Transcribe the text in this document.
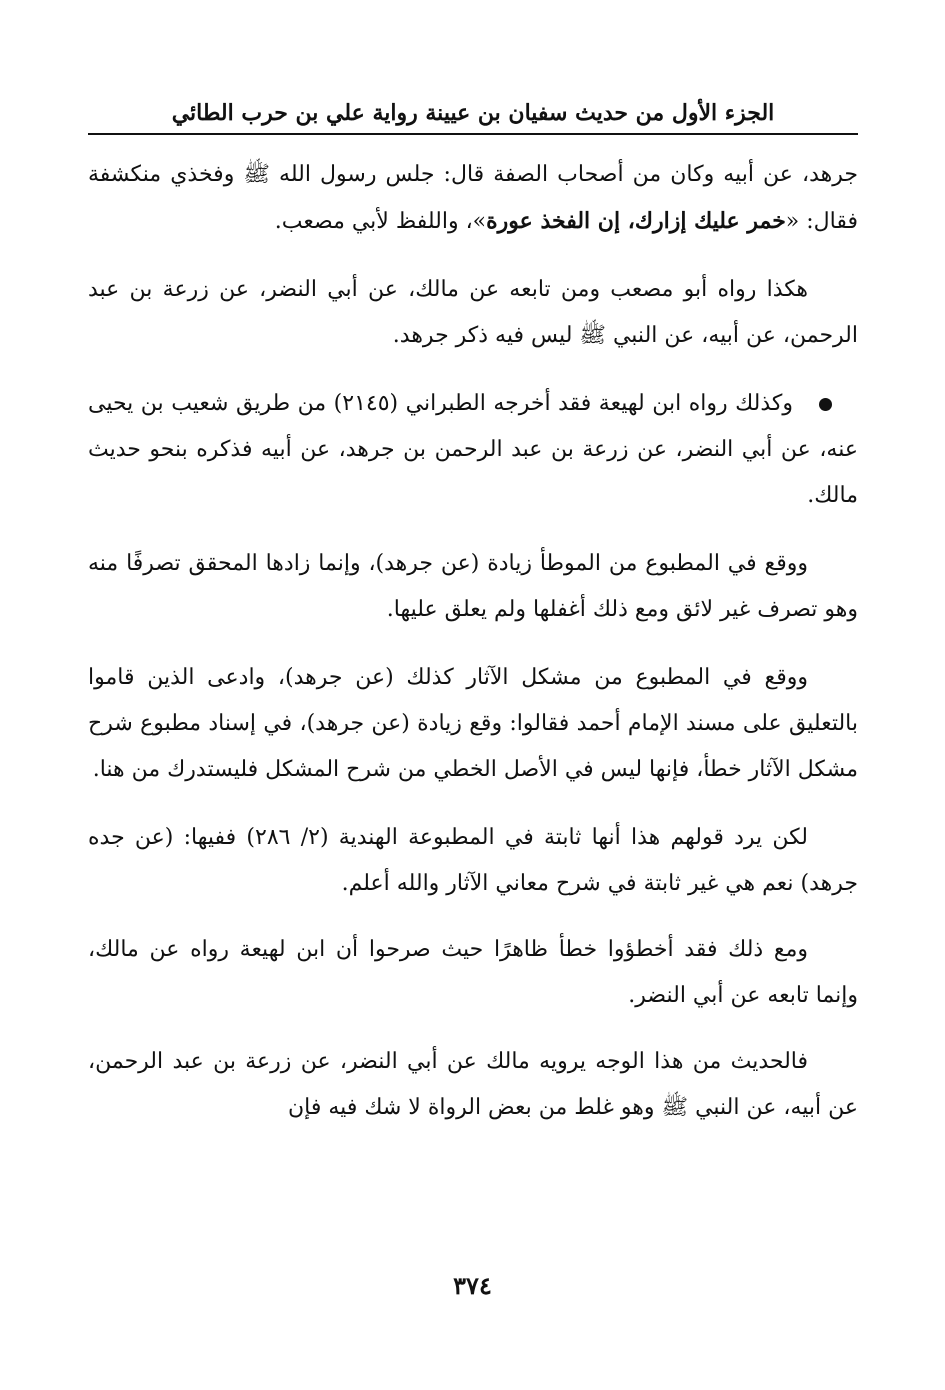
الجزء الأول من حديث سفيان بن عيينة رواية علي بن حرب الطائي

جرهد، عن أبيه وكان من أصحاب الصفة قال: جلس رسول الله ﷺ وفخذي منكشفة فقال: «خمر عليك إزارك، إن الفخذ عورة»، واللفظ لأبي مصعب.

هكذا رواه أبو مصعب ومن تابعه عن مالك، عن أبي النضر، عن زرعة بن عبد الرحمن، عن أبيه، عن النبي ﷺ ليس فيه ذكر جرهد.

وكذلك رواه ابن لهيعة فقد أخرجه الطبراني (٢١٤٥) من طريق شعيب بن يحيى عنه، عن أبي النضر، عن زرعة بن عبد الرحمن بن جرهد، عن أبيه فذكره بنحو حديث مالك.

ووقع في المطبوع من الموطأ زيادة (عن جرهد)، وإنما زادها المحقق تصرفًا منه وهو تصرف غير لائق ومع ذلك أغفلها ولم يعلق عليها.

ووقع في المطبوع من مشكل الآثار كذلك (عن جرهد)، وادعى الذين قاموا بالتعليق على مسند الإمام أحمد فقالوا: وقع زيادة (عن جرهد)، في إسناد مطبوع شرح مشكل الآثار خطأ، فإنها ليس في الأصل الخطي من شرح المشكل فليستدرك من هنا.

لكن يرد قولهم هذا أنها ثابتة في المطبوعة الهندية (٢/ ٢٨٦) ففيها: (عن جده جرهد) نعم هي غير ثابتة في شرح معاني الآثار والله أعلم.

ومع ذلك فقد أخطؤوا خطأ ظاهرًا حيث صرحوا أن ابن لهيعة رواه عن مالك، وإنما تابعه عن أبي النضر.

فالحديث من هذا الوجه يرويه مالك عن أبي النضر، عن زرعة بن عبد الرحمن، عن أبيه، عن النبي ﷺ وهو غلط من بعض الرواة لا شك فيه فإن

٣٧٤
